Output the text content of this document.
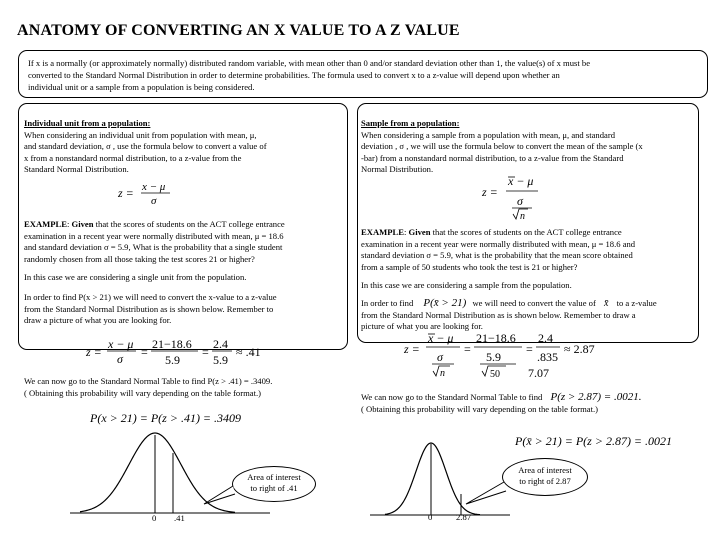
ANATOMY OF CONVERTING AN X VALUE TO A Z VALUE
If x is a normally (or approximately normally) distributed random variable, with mean other than 0 and/or standard deviation other than 1, the value(s) of x must be
converted to the Standard Normal Distribution in order to determine probabilities. The formula used to convert x to a z-value will depend upon whether an
individual unit or a sample from a population is being considered.
Individual unit from a population:
When considering an individual unit from population with mean, μ,
and standard deviation, σ , use the formula below to convert a value of
x from a nonstandard normal distribution, to a z-value from the
Standard Normal Distribution.
z = x − μ
σ
EXAMPLE: Given that the scores of students on the ACT college entrance
examination in a recent year were normally distributed with mean, μ = 18.6
and standard deviation σ = 5.9, What is the probability that a single student
randomly chosen from all those taking the test scores 21 or higher?
In this case we are considering a single unit from the population.
In order to find P(x > 21) we will need to convert the x-value to a z-value
from the Standard Normal Distribution as is shown below. Remember to
draw a picture of what you are looking for.
z =
x − μ
σ =
21−18.6
5.9
=
2.4
5.9
≈ .41
We can now go to the Standard Normal Table to find P(z > .41) = .3409.
( Obtaining this probability will vary depending on the table format.)
P(x > 21) = P(z > .41) = .3409
0 .41
Area of interest
to right of .41
Sample from a population:
When considering a sample from a population with mean, μ, and standard
deviation , σ , we will use the formula below to convert the mean of the sample (x
-bar) from a nonstandard normal distribution, to a z-value from the Standard
Normal Distribution.
z =
x − μ
σ
n
EXAMPLE: Given that the scores of students on the ACT college entrance
examination in a recent year were normally distributed with mean, μ = 18.6 and
standard deviation σ = 5.9, what is the probability that the mean score obtained
from a sample of 50 students who took the test is 21 or higher?
In this case we are considering a sample from the population.
In order to find P(x̄ > 21) we will need to convert the value of x̄ to a z-value
from the Standard Normal Distribution as is shown below. Remember to draw a
picture of what you are looking for.
z =
x − μ
σ
n
=
21−18.6
5.9
50
=
2.4
.835
≈ 2.87
7.07
We can now go to the Standard Normal Table to find P(z > 2.87) = .0021.
( Obtaining this probability will vary depending on the table format.)
P(x̄ > 21) = P(z > 2.87) = .0021
0	2.87
Area of interest
to right of 2.87
